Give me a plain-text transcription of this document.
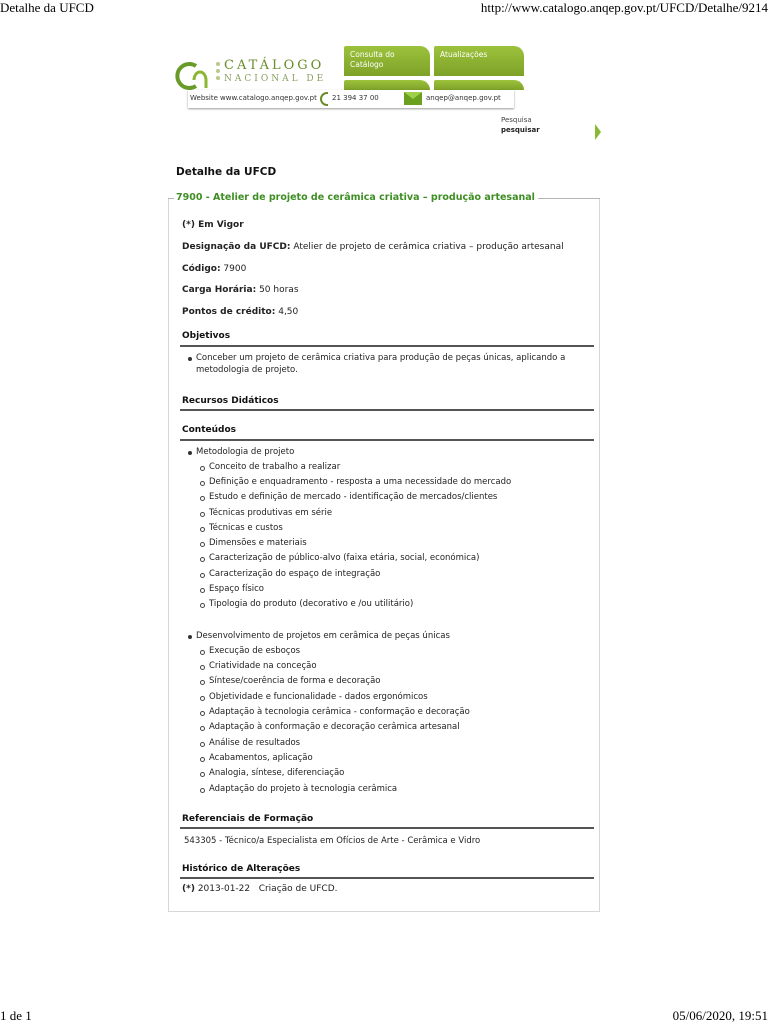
Detalhe da UFCD	http://www.catalogo.anqep.gov.pt/UFCD/Detalhe/9214
1 de 1	05/06/2020, 19:51
CATÁLOGO
NACIONAL DE
Consulta do Catálogo
Atualizações
Website www.catalogo.anqep.gov.pt 21 394 37 00	anqep@anqep.gov.pt
Pesquisa
pesquisar
Detalhe da UFCD
7900 - Atelier de projeto de cerâmica criativa – produção artesanal
(*) Em Vigor
Designação da UFCD: Atelier de projeto de cerâmica criativa – produção artesanal
Código: 7900
Carga Horária: 50 horas
Pontos de crédito: 4,50
Objetivos
Conceber um projeto de cerâmica criativa para produção de peças únicas, aplicando a
metodologia de projeto.
Recursos Didáticos
Conteúdos
Metodologia de projeto
Conceito de trabalho a realizar
Definição e enquadramento - resposta a uma necessidade do mercado
Estudo e definição de mercado - identificação de mercados/clientes
Técnicas produtivas em série
Técnicas e custos
Dimensões e materiais
Caracterização de público-alvo (faixa etária, social, económica)
Caracterização do espaço de integração
Espaço físico
Tipologia do produto (decorativo e /ou utilitário)
Desenvolvimento de projetos em cerâmica de peças únicas
Execução de esboços
Criatividade na conceção
Síntese/coerência de forma e decoração
Objetividade e funcionalidade - dados ergonómicos
Adaptação à tecnologia cerâmica - conformação e decoração
Adaptação à conformação e decoração cerâmica artesanal
Análise de resultados
Acabamentos, aplicação
Analogia, síntese, diferenciação
Adaptação do projeto à tecnologia cerâmica
Referenciais de Formação
543305 - Técnico/a Especialista em Ofícios de Arte - Cerâmica e Vidro
Histórico de Alterações
(*) 2013-01-22   Criação de UFCD.
